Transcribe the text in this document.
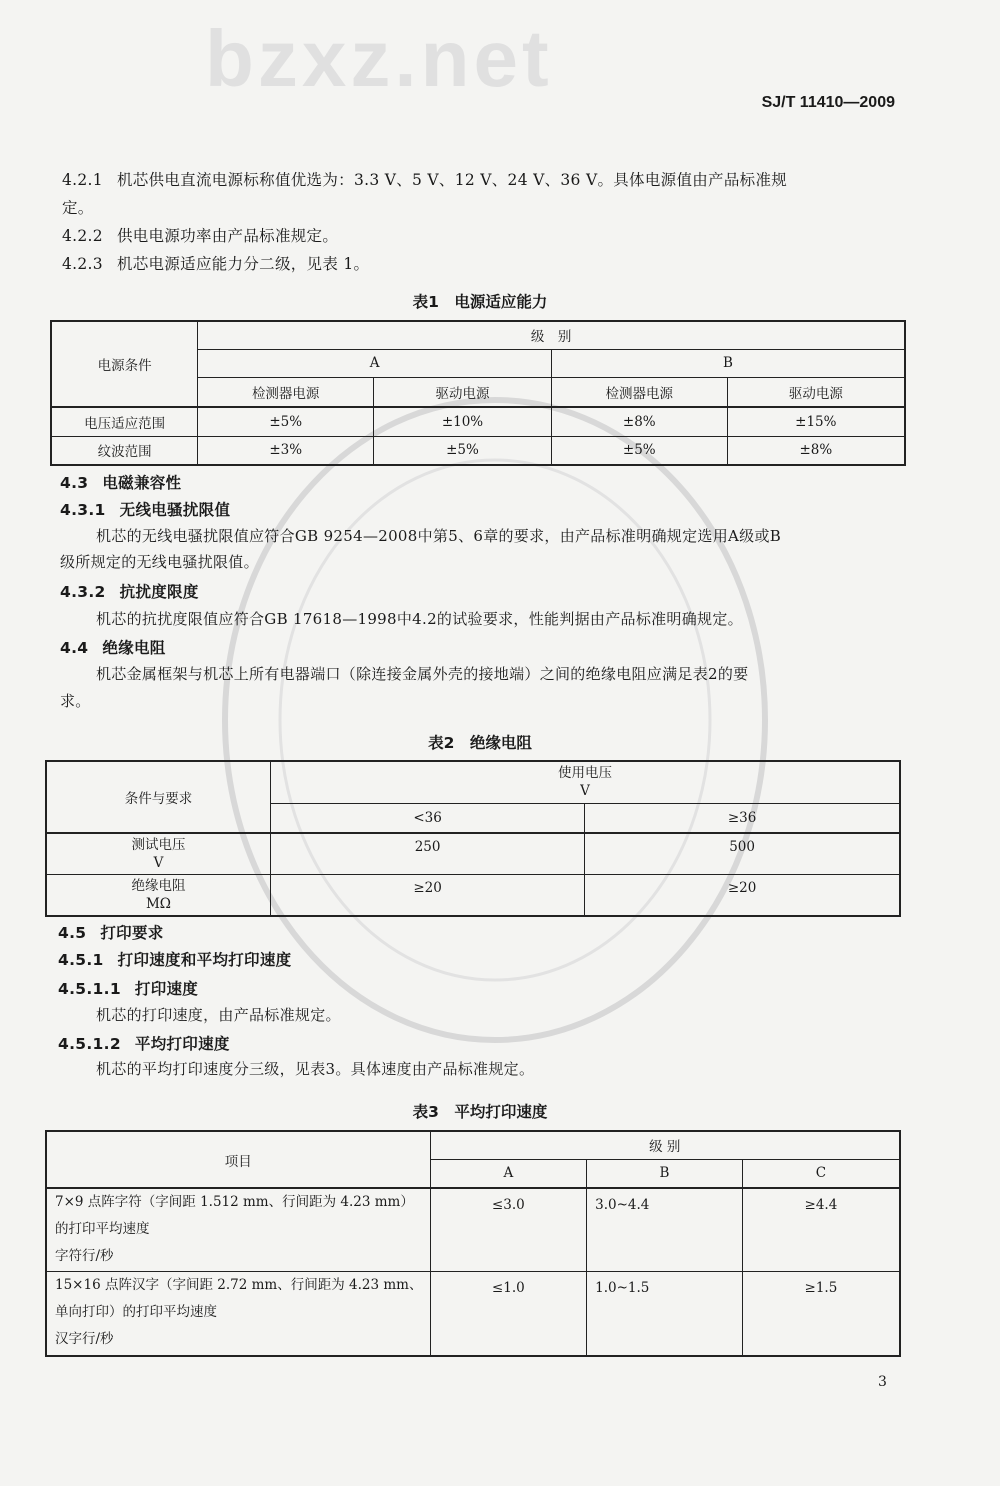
bzxz.net	SJ/T 11410—2009
4.2.1 机芯供电直流电源标称值优选为：3.3 V、5 V、12 V、24 V、36 V。具体电源值由产品标准规
定。
4.2.2 供电电源功率由产品标准规定。
4.2.3 机芯电源适应能力分二级，见表 1。
表1　电源适应能力
电源条件	级　别			
	A		B	
	检测器电源	驱动电源	检测器电源	驱动电源
电压适应范围	±5%	±10%	±8%	±15%
纹波范围	±3%	±5%	±5%	±8%
4.3 电磁兼容性
4.3.1 无线电骚扰限值
机芯的无线电骚扰限值应符合GB 9254—2008中第5、6章的要求，由产品标准明确规定选用A级或B
级所规定的无线电骚扰限值。
4.3.2 抗扰度限度
机芯的抗扰度限值应符合GB 17618—1998中4.2的试验要求，性能判据由产品标准明确规定。
4.4 绝缘电阻
机芯金属框架与机芯上所有电器端口（除连接金属外壳的接地端）之间的绝缘电阻应满足表2的要
求。
表2　绝缘电阻
条件与要求	使用电压
V	

	<36	≥36

测试电压
V	250	500

绝缘电阻
MΩ	≥20	≥20
4.5 打印要求
4.5.1 打印速度和平均打印速度
4.5.1.1 打印速度
机芯的打印速度，由产品标准规定。
4.5.1.2 平均打印速度
机芯的平均打印速度分三级，见表3。具体速度由产品标准规定。
表3　平均打印速度
项目	级 别		
	A	B	C

7×9 点阵字符（字间距 1.512 mm、行间距为 4.23 mm）
的打印平均速度
字符行/秒	≤3.0	3.0~4.4	≥4.4

15×16 点阵汉字（字间距 2.72 mm、行间距为 4.23 mm、
单向打印）的打印平均速度
汉字行/秒	≤1.0	1.0~1.5	≥1.5
3
